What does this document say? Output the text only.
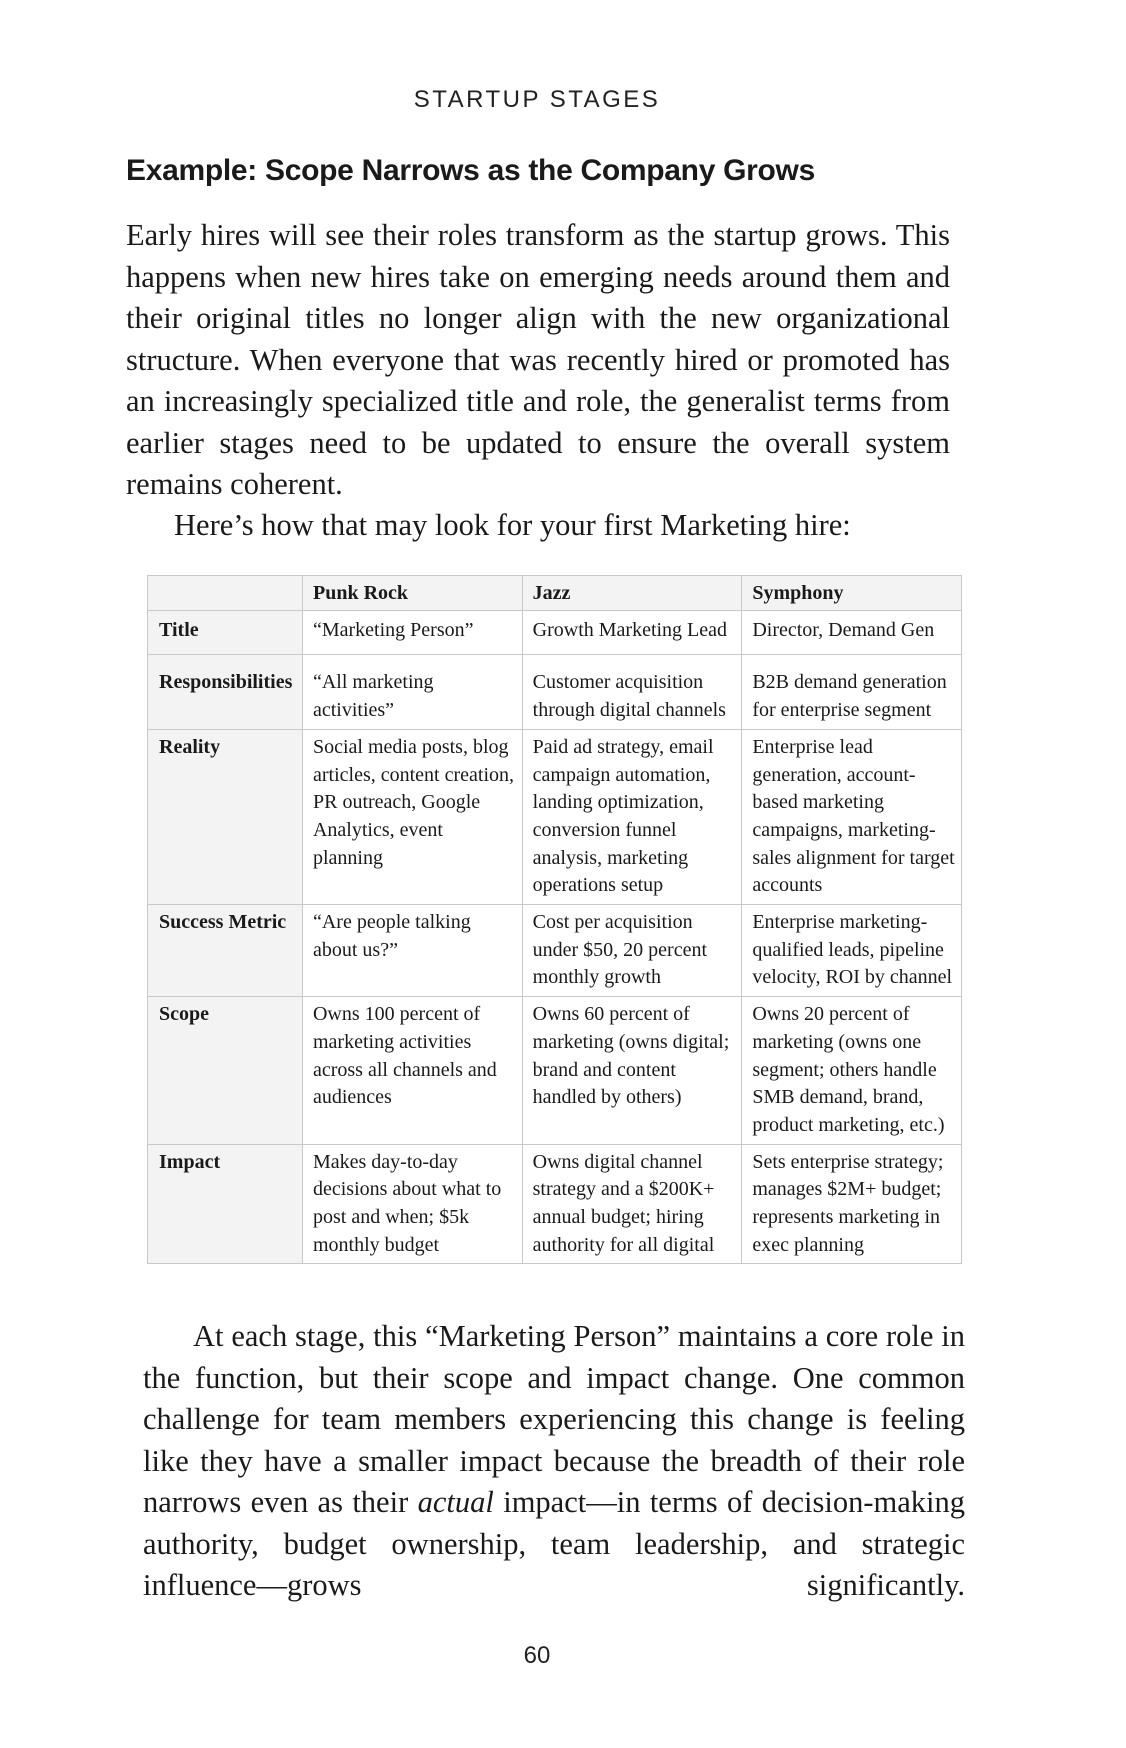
STARTUP STAGES
Example: Scope Narrows as the Company Grows

Early hires will see their roles transform as the startup grows. This happens when new hires take on emerging needs around them and their original titles no longer align with the new organizational structure. When everyone that was recently hired or promoted has an increasingly specialized title and role, the generalist terms from earlier stages need to be updated to ensure the overall system remains coherent.

Here’s how that may look for your first Marketing hire:

	Punk Rock	Jazz	Symphony
Title	“Marketing Person”	Growth Marketing Lead	Director, Demand Gen
Responsibilities	“All marketing activities”	Customer acquisition through digital channels	B2B demand generation for enterprise segment
Reality	Social media posts, blog articles, content creation, PR outreach, Google Analytics, event planning	Paid ad strategy, email campaign automation, landing optimization, conversion funnel analysis, marketing operations setup	Enterprise lead generation, account-based marketing campaigns, marketing-sales alignment for target accounts
Success Metric	“Are people talking about us?”	Cost per acquisition under $50, 20 percent monthly growth	Enterprise marketing-qualified leads, pipeline velocity, ROI by channel
Scope	Owns 100 percent of marketing activities across all channels and audiences	Owns 60 percent of marketing (owns digital; brand and content handled by others)	Owns 20 percent of marketing (owns one segment; others handle SMB demand, brand, product marketing, etc.)
Impact	Makes day-to-day decisions about what to post and when; $5k monthly budget	Owns digital channel strategy and a $200K+ annual budget; hiring authority for all digital	Sets enterprise strategy; manages $2M+ budget; represents marketing in exec planning

At each stage, this “Marketing Person” maintains a core role in the function, but their scope and impact change. One common challenge for team members experiencing this change is feeling like they have a smaller impact because the breadth of their role narrows even as their actual impact—in terms of decision-making authority, budget ownership, team leadership, and strategic influence—grows significantly.

60
